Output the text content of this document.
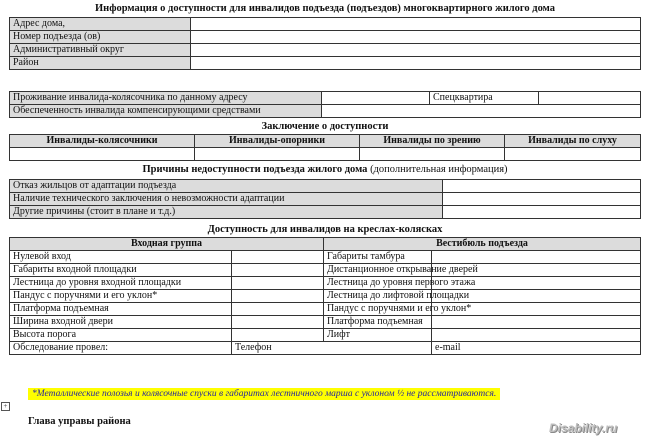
Информация о доступности для инвалидов подъезда (подъездов) многоквартирного жилого дома
Адрес дома,	
Номер подъезда (ов)	
Административный округ	
Район	
Проживание инвалида-колясочника по данному адресу		Спецквартира	
Обеспеченность инвалида компенсирующими средствами			
Заключение о доступности
Инвалиды-колясочники	Инвалиды-опорники	Инвалиды по зрению	Инвалиды по слуху

Причины недоступности подъезда жилого дома (дополнительная информация)
Отказ жильцов от адаптации подъезда	
Наличие технического заключения о невозможности адаптации	
Другие причины (стоит в плане и т.д.)	
Доступность для инвалидов на креслах-колясках
Входная группа		Вестибюль подъезда	
Нулевой вход		Габариты тамбура	
Габариты входной площадки		Дистанционное открывание дверей	
Лестница до уровня входной площадки		Лестница до уровня первого этажа	
Пандус с поручнями и его уклон*		Лестница до лифтовой площадки	
Платформа подъемная		Пандус с поручнями и его уклон*	
Ширина входной двери		Платформа подъемная	
Высота порога		Лифт	
Обследование провел:	Телефон		e-mail
*Металлические полозья и колясочные спуски в габаритах лестничного марша с уклоном ½ не рассматриваются.
+
Глава управы района	Disability.ru
